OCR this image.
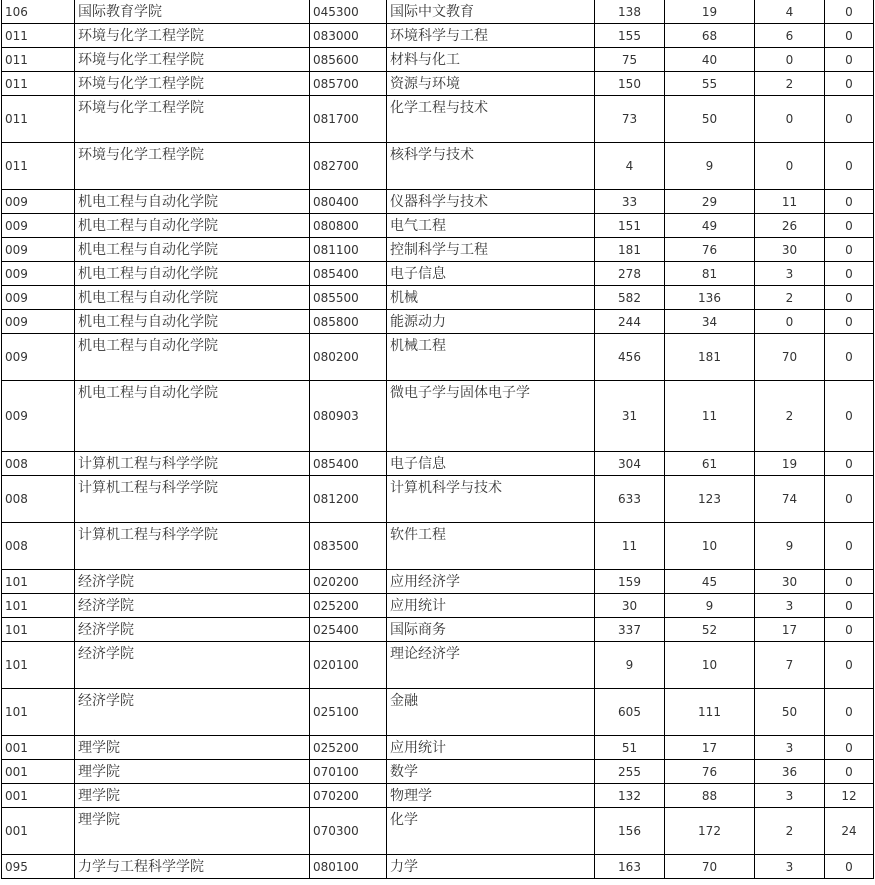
106	国际教育学院	045300	国际中文教育	138	19	4	0
011	环境与化学工程学院	083000	环境科学与工程	155	68	6	0
011	环境与化学工程学院	085600	材料与化工	75	40	0	0
011	环境与化学工程学院	085700	资源与环境	150	55	2	0
011	环境与化学工程学院	081700	化学工程与技术	73	50	0	0
011	环境与化学工程学院	082700	核科学与技术	4	9	0	0
009	机电工程与自动化学院	080400	仪器科学与技术	33	29	11	0
009	机电工程与自动化学院	080800	电气工程	151	49	26	0
009	机电工程与自动化学院	081100	控制科学与工程	181	76	30	0
009	机电工程与自动化学院	085400	电子信息	278	81	3	0
009	机电工程与自动化学院	085500	机械	582	136	2	0
009	机电工程与自动化学院	085800	能源动力	244	34	0	0
009	机电工程与自动化学院	080200	机械工程	456	181	70	0
009	机电工程与自动化学院	080903	微电子学与固体电子学	31	11	2	0
008	计算机工程与科学学院	085400	电子信息	304	61	19	0
008	计算机工程与科学学院	081200	计算机科学与技术	633	123	74	0
008	计算机工程与科学学院	083500	软件工程	11	10	9	0
101	经济学院	020200	应用经济学	159	45	30	0
101	经济学院	025200	应用统计	30	9	3	0
101	经济学院	025400	国际商务	337	52	17	0
101	经济学院	020100	理论经济学	9	10	7	0
101	经济学院	025100	金融	605	111	50	0
001	理学院	025200	应用统计	51	17	3	0
001	理学院	070100	数学	255	76	36	0
001	理学院	070200	物理学	132	88	3	12
001	理学院	070300	化学	156	172	2	24
095	力学与工程科学学院	080100	力学	163	70	3	0
